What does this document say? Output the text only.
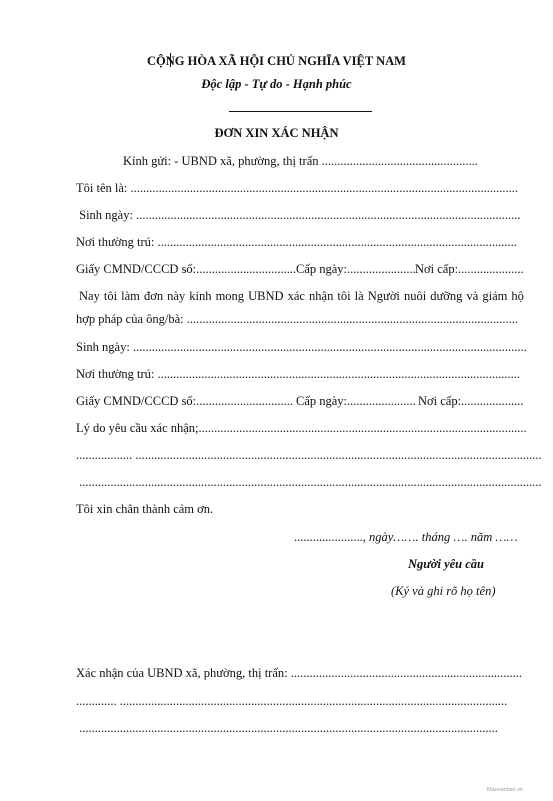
CỘNG HÒA XÃ HỘI CHỦ NGHĨA VIỆT NAM
Độc lập - Tự do - Hạnh phúc
ĐƠN XIN XÁC NHẬN
Kính gửi: - UBND xã, phường, thị trấn ..................................................
Tôi tên là: ............................................................................................................................
Sinh ngày: ...........................................................................................................................
Nơi thường trú: ...................................................................................................................
Giấy CMND/CCCD số:................................ Cấp ngày:...................... Nơi cấp:.....................
Nay tôi làm đơn này kính mong UBND xác nhận tôi là Người nuôi dưỡng và giám hộ
hợp pháp của ông/bà: ..........................................................................................................
Sinh ngày: ..............................................................................................................................
Nơi thường trú: ....................................................................................................................
Giấy CMND/CCCD số:............................... Cấp ngày:...................... Nơi cấp:....................
Lý do yêu cầu xác nhận;.........................................................................................................
.................. ..................................................................................................................................
....................................................................................................................................................
Tôi xin chân thành cảm ơn.
......................, ngày……. tháng …. năm ……
Người yêu cầu
(Ký và ghi rõ họ tên)
Xác nhận của UBND xã, phường, thị trấn: ..........................................................................
............. ............................................................................................................................
......................................................................................................................................
Mauvanban.vn
